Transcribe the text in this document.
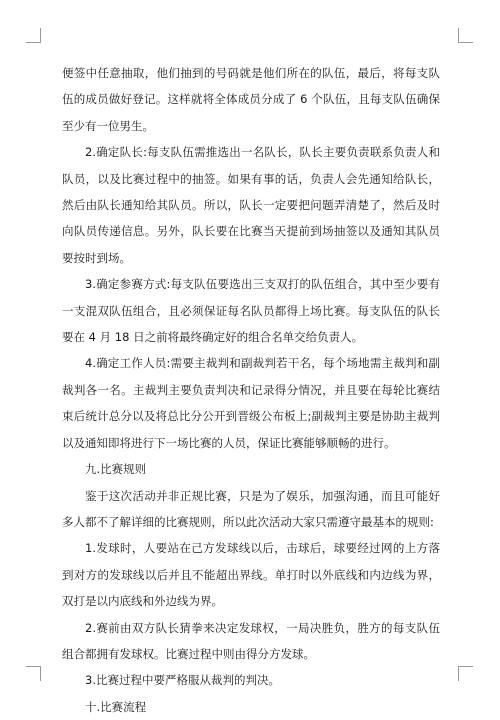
便签中任意抽取，他们抽到的号码就是他们所在的队伍，最后，将每支队伍的成员做好登记。这样就将全体成员分成了 6 个队伍，且每支队伍确保至少有一位男生。

2.确定队长:每支队伍需推选出一名队长，队长主要负责联系负责人和队员，以及比赛过程中的抽签。如果有事的话，负责人会先通知给队长，然后由队长通知给其队员。所以，队长一定要把问题弄清楚了，然后及时向队员传递信息。另外，队长要在比赛当天提前到场抽签以及通知其队员要按时到场。

3.确定参赛方式:每支队伍要选出三支双打的队伍组合，其中至少要有一支混双队伍组合，且必须保证每名队员都得上场比赛。每支队伍的队长要在 4 月 18 日之前将最终确定好的组合名单交给负责人。

4.确定工作人员:需要主裁判和副裁判若干名，每个场地需主裁判和副裁判各一名。主裁判主要负责判决和记录得分情况，并且要在每轮比赛结束后统计总分以及将总比分公开到晋级公布板上;副裁判主要是协助主裁判以及通知即将进行下一场比赛的人员，保证比赛能够顺畅的进行。

九.比赛规则

鉴于这次活动并非正规比赛，只是为了娱乐，加强沟通，而且可能好多人都不了解详细的比赛规则，所以此次活动大家只需遵守最基本的规则:

1.发球时，人要站在己方发球线以后，击球后，球要经过网的上方落到对方的发球线以后并且不能超出界线。单打时以外底线和内边线为界，双打是以内底线和外边线为界。

2.赛前由双方队长猜拳来决定发球权，一局决胜负，胜方的每支队伍组合都拥有发球权。比赛过程中则由得分方发球。

3.比赛过程中要严格服从裁判的判决。

十.比赛流程
